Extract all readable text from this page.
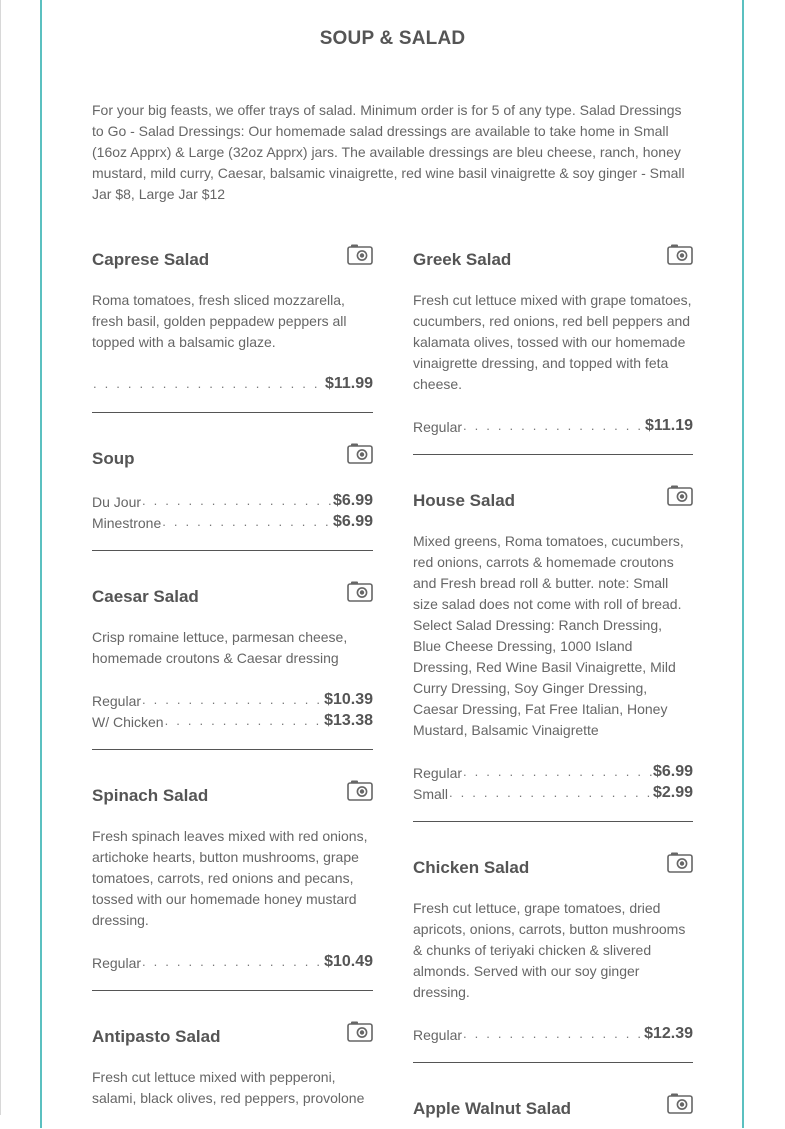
SOUP & SALAD

For your big feasts, we offer trays of salad. Minimum order is for 5 of any type. Salad Dressings to Go - Salad Dressings: Our homemade salad dressings are available to take home in Small (16oz Apprx) & Large (32oz Apprx) jars. The available dressings are bleu cheese, ranch, honey mustard, mild curry, Caesar, balsamic vinaigrette, red wine basil vinaigrette & soy ginger - Small Jar $8, Large Jar $12

Caprese Salad
Roma tomatoes, fresh sliced mozzarella, fresh basil, golden peppadew peppers all topped with a balsamic glaze.
. . .
$11.99
Soup
Du Jour . . .	$6.99
Minestrone . . .	$6.99
Caesar Salad
Crisp romaine lettuce, parmesan cheese, homemade croutons & Caesar dressing
Regular . . .	$10.39
W/ Chicken . . .	$13.38
Spinach Salad
Fresh spinach leaves mixed with red onions, artichoke hearts, button mushrooms, grape tomatoes, carrots, red onions and pecans, tossed with our homemade honey mustard dressing.
Regular . . .	$10.49
Antipasto Salad
Fresh cut lettuce mixed with pepperoni, salami, black olives, red peppers, provolone
Greek Salad
Fresh cut lettuce mixed with grape tomatoes, cucumbers, red onions, red bell peppers and kalamata olives, tossed with our homemade vinaigrette dressing, and topped with feta cheese.
Regular . . .	$11.19
House Salad
Mixed greens, Roma tomatoes, cucumbers, red onions, carrots & homemade croutons and Fresh bread roll & butter. note: Small size salad does not come with roll of bread. Select Salad Dressing: Ranch Dressing, Blue Cheese Dressing, 1000 Island Dressing, Red Wine Basil Vinaigrette, Mild Curry Dressing, Soy Ginger Dressing, Caesar Dressing, Fat Free Italian, Honey Mustard, Balsamic Vinaigrette
Regular . . .	$6.99
Small . . .	$2.99
Chicken Salad
Fresh cut lettuce, grape tomatoes, dried apricots, onions, carrots, button mushrooms & chunks of teriyaki chicken & slivered almonds. Served with our soy ginger dressing.
Regular . . .	$12.39
Apple Walnut Salad
